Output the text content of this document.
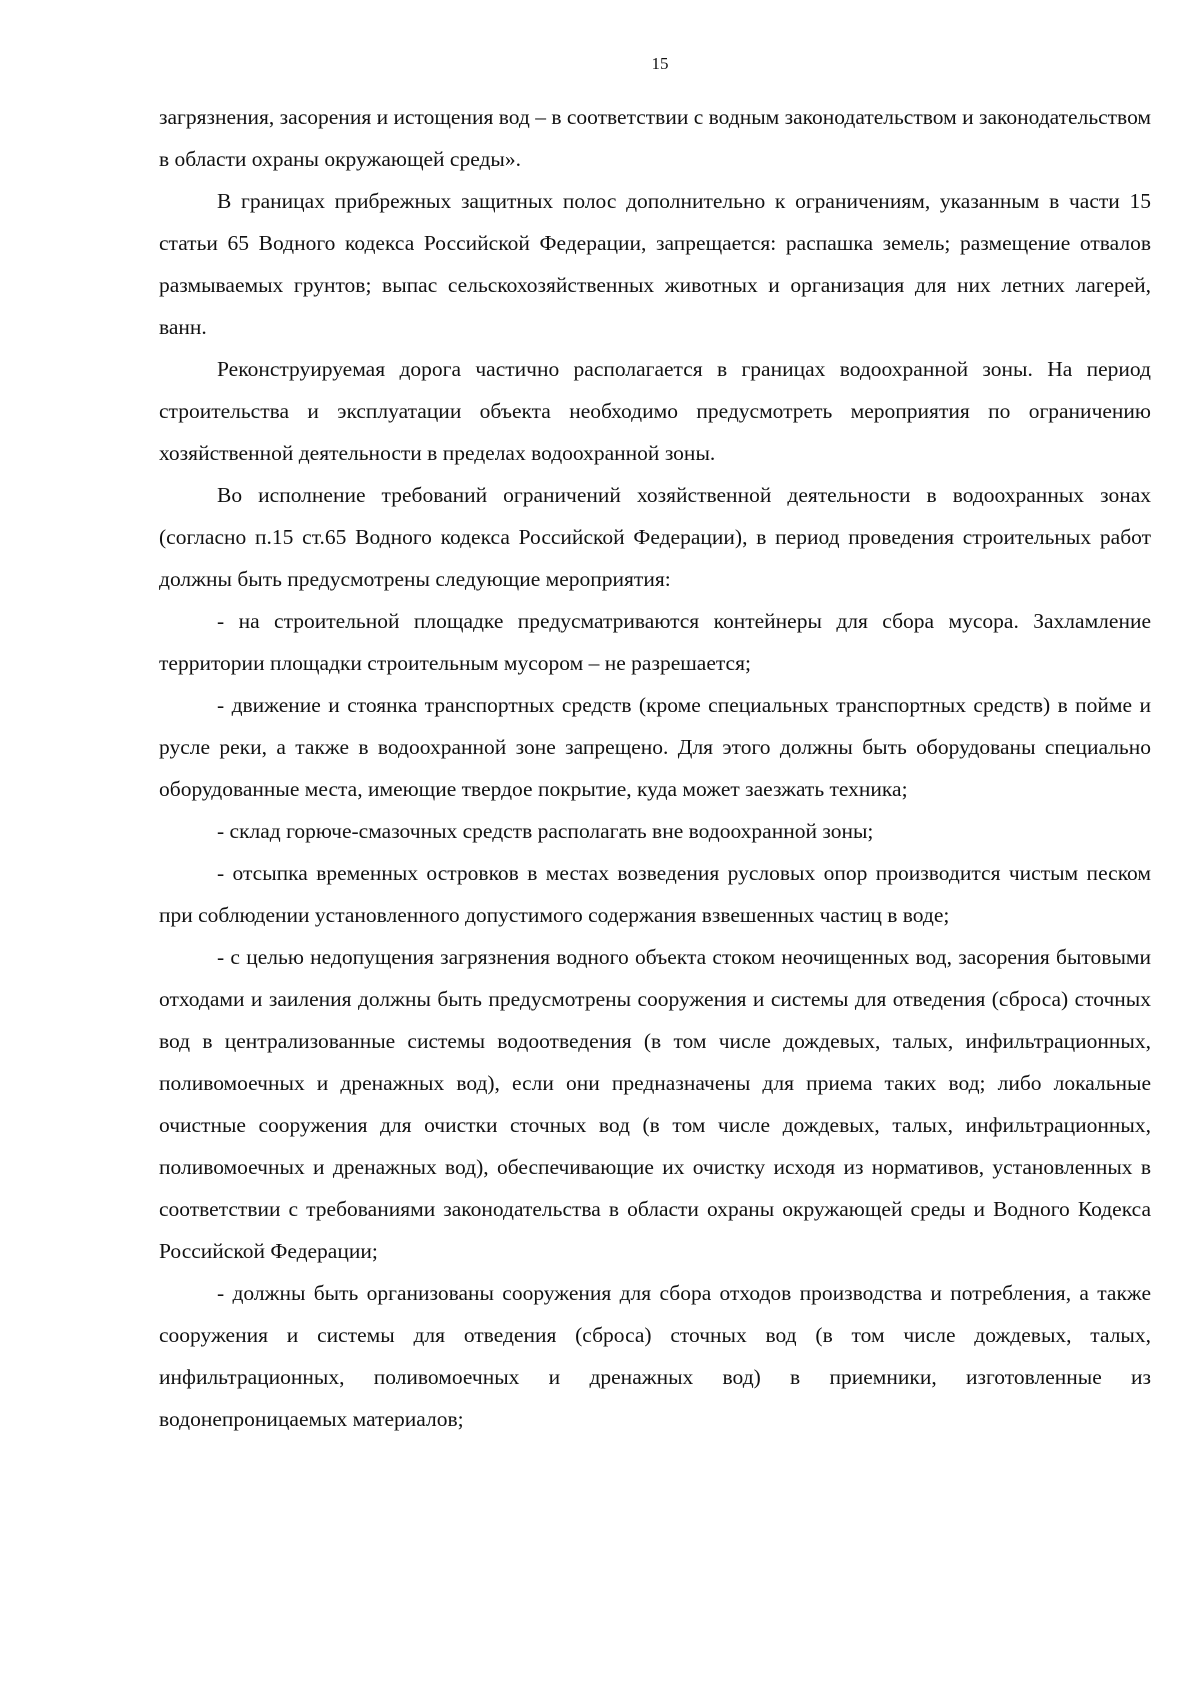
15

загрязнения, засорения и истощения вод – в соответствии с водным законодательством и законодательством в области охраны окружающей среды».

В границах прибрежных защитных полос дополнительно к ограничениям, указанным в части 15 статьи 65 Водного кодекса Российской Федерации, запрещается: распашка земель; размещение отвалов размываемых грунтов; выпас сельскохозяйственных животных и организация для них летних лагерей, ванн.

Реконструируемая дорога частично располагается в границах водоохранной зоны. На период строительства и эксплуатации объекта необходимо предусмотреть мероприятия по ограничению хозяйственной деятельности в пределах водоохранной зоны.

Во исполнение требований ограничений хозяйственной деятельности в водоохранных зонах (согласно п.15 ст.65 Водного кодекса Российской Федерации), в период проведения строительных работ должны быть предусмотрены следующие мероприятия:

- на строительной площадке предусматриваются контейнеры для сбора мусора. Захламление территории площадки строительным мусором – не разрешается;

- движение и стоянка транспортных средств (кроме специальных транспортных средств) в пойме и русле реки, а также в водоохранной зоне запрещено. Для этого должны быть оборудованы специально оборудованные места, имеющие твердое покрытие, куда может заезжать техника;

- склад горюче-смазочных средств располагать вне водоохранной зоны;

- отсыпка временных островков в местах возведения русловых опор производится чистым песком при соблюдении установленного допустимого содержания взвешенных частиц в воде;

- с целью недопущения загрязнения водного объекта стоком неочищенных вод, засорения бытовыми отходами и заиления должны быть предусмотрены сооружения и системы для отведения (сброса) сточных вод в централизованные системы водоотведения (в том числе дождевых, талых, инфильтрационных, поливомоечных и дренажных вод), если они предназначены для приема таких вод; либо локальные очистные сооружения для очистки сточных вод (в том числе дождевых, талых, инфильтрационных, поливомоечных и дренажных вод), обеспечивающие их очистку исходя из нормативов, установленных в соответствии с требованиями законодательства в области охраны окружающей среды и Водного Кодекса Российской Федерации;

- должны быть организованы сооружения для сбора отходов производства и потребления, а также сооружения и системы для отведения (сброса) сточных вод (в том числе дождевых, талых, инфильтрационных, поливомоечных и дренажных вод) в приемники, изготовленные из водонепроницаемых материалов;
